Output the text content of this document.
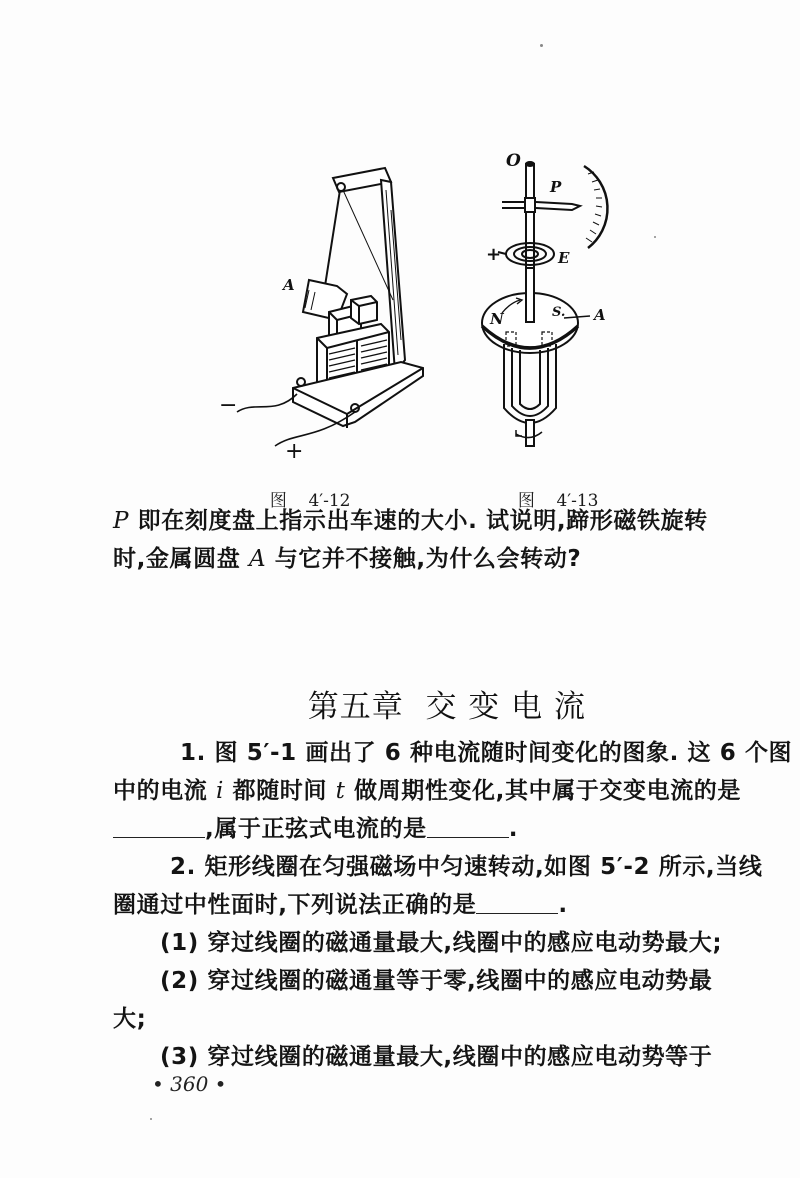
A
−
+
O
P
E
N	S. A
+

图 4′-12	图 4′-13

P 即在刻度盘上指示出车速的大小. 试说明,蹄形磁铁旋转
时,金属圆盘 A 与它并不接触,为什么会转动?

第五章 交 变 电 流

1. 图 5′-1 画出了 6 种电流随时间变化的图象. 这 6 个图
中的电流 i 都随时间 t 做周期性变化,其中属于交变电流的是
,属于正弦式电流的是	.
2. 矩形线圈在匀强磁场中匀速转动,如图 5′-2 所示,当线
圈通过中性面时,下列说法正确的是	.
(1) 穿过线圈的磁通量最大,线圈中的感应电动势最大;
(2) 穿过线圈的磁通量等于零,线圈中的感应电动势最
大;
(3) 穿过线圈的磁通量最大,线圈中的感应电动势等于
• 360 •
